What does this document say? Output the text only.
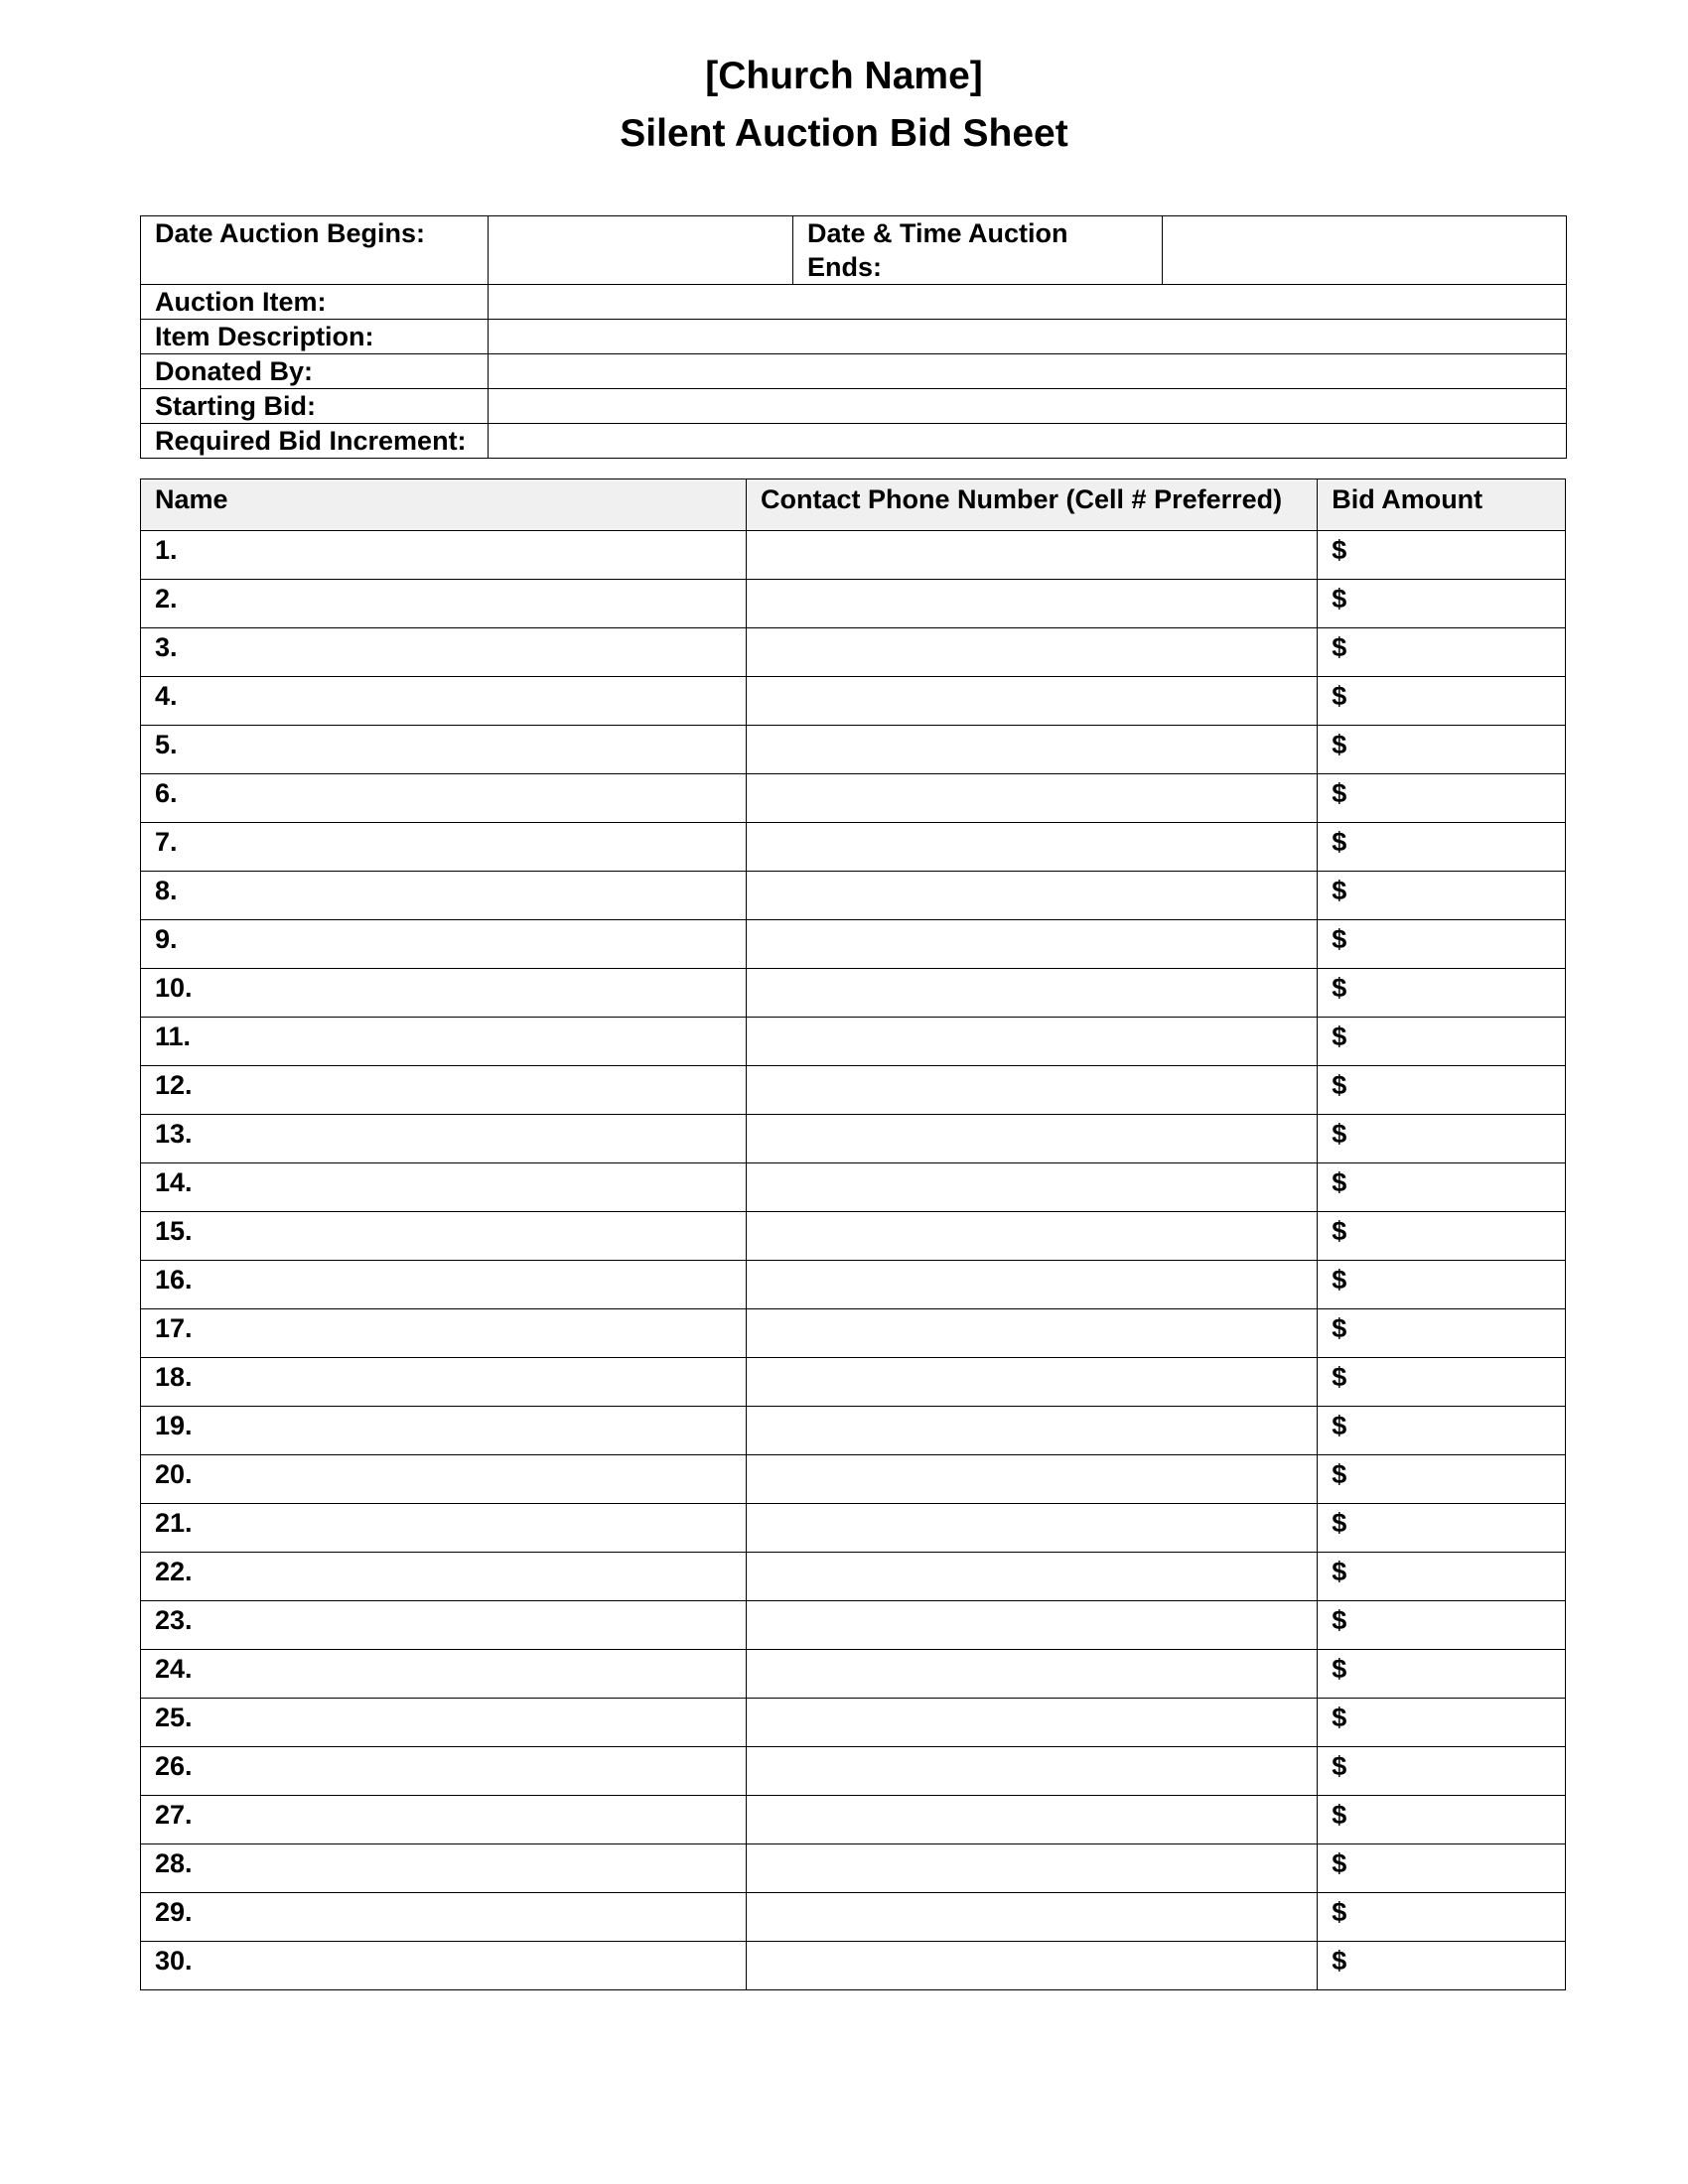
[Church Name]
Silent Auction Bid Sheet
Date Auction Begins:		Date & Time Auction Ends:	
Auction Item:			
Item Description:			
Donated By:			
Starting Bid:			
Required Bid Increment:			
Name	Contact Phone Number (Cell # Preferred)	Bid Amount
1.		$
2.		$
3.		$
4.		$
5.		$
6.		$
7.		$
8.		$
9.		$
10.		$
11.		$
12.		$
13.		$
14.		$
15.		$
16.		$
17.		$
18.		$
19.		$
20.		$
21.		$
22.		$
23.		$
24.		$
25.		$
26.		$
27.		$
28.		$
29.		$
30.		$
